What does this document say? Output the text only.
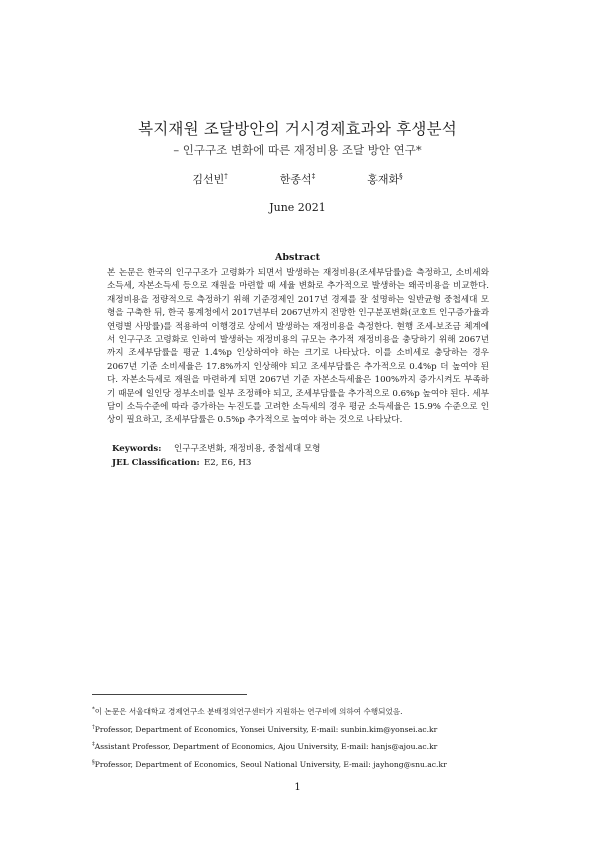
복지재원 조달방안의 거시경제효과와 후생분석
– 인구구조 변화에 따른 재정비용 조달 방안 연구*
김선빈†	한종석‡	홍재화§
June 2021
Abstract
본 논문은 한국의 인구구조가 고령화가 되면서 발생하는 재정비용(조세부담률)을 측정하고, 소비세와 소득세, 자본소득세 등으로 재원을 마련할 때 세율 변화로 추가적으로 발생하는 왜곡비용을 비교한다. 재정비용을 정량적으로 측정하기 위해 기준경제인 2017년 경제를 잘 설명하는 일반균형 중첩세대 모형을 구축한 뒤, 한국 통계청에서 2017년부터 2067년까지 전망한 인구분포변화(코호트 인구증가율과 연령별 사망률)를 적용하여 이행경로 상에서 발생하는 재정비용을 측정한다. 현행 조세-보조금 체계에서 인구구조 고령화로 인하여 발생하는 재정비용의 규모는 추가적 재정비용을 충당하기 위해 2067년까지 조세부담률을 평균 1.4%p 인상하여야 하는 크기로 나타났다. 이를 소비세로 충당하는 경우 2067년 기준 소비세율은 17.8%까지 인상해야 되고 조세부담률은 추가적으로 0.4%p 더 높여야 된다. 자본소득세로 재원을 마련하게 되면 2067년 기준 자본소득세율은 100%까지 증가시켜도 부족하기 때문에 일인당 정부소비를 일부 조정해야 되고, 조세부담률을 추가적으로 0.6%p 높여야 된다. 세부담이 소득수준에 따라 증가하는 누진도를 고려한 소득세의 경우 평균 소득세율은 15.9% 수준으로 인상이 필요하고, 조세부담률은 0.5%p 추가적으로 높여야 하는 것으로 나타났다.
Keywords: 인구구조변화, 재정비용, 중첩세대 모형
JEL Classification: E2, E6, H3
*이 논문은 서울대학교 경제연구소 분배정의연구센터가 지원하는 연구비에 의하여 수행되었음.
†Professor, Department of Economics, Yonsei University, E-mail: sunbin.kim@yonsei.ac.kr
‡Assistant Professor, Department of Economics, Ajou University, E-mail: hanjs@ajou.ac.kr
§Professor, Department of Economics, Seoul National University, E-mail: jayhong@snu.ac.kr
1
